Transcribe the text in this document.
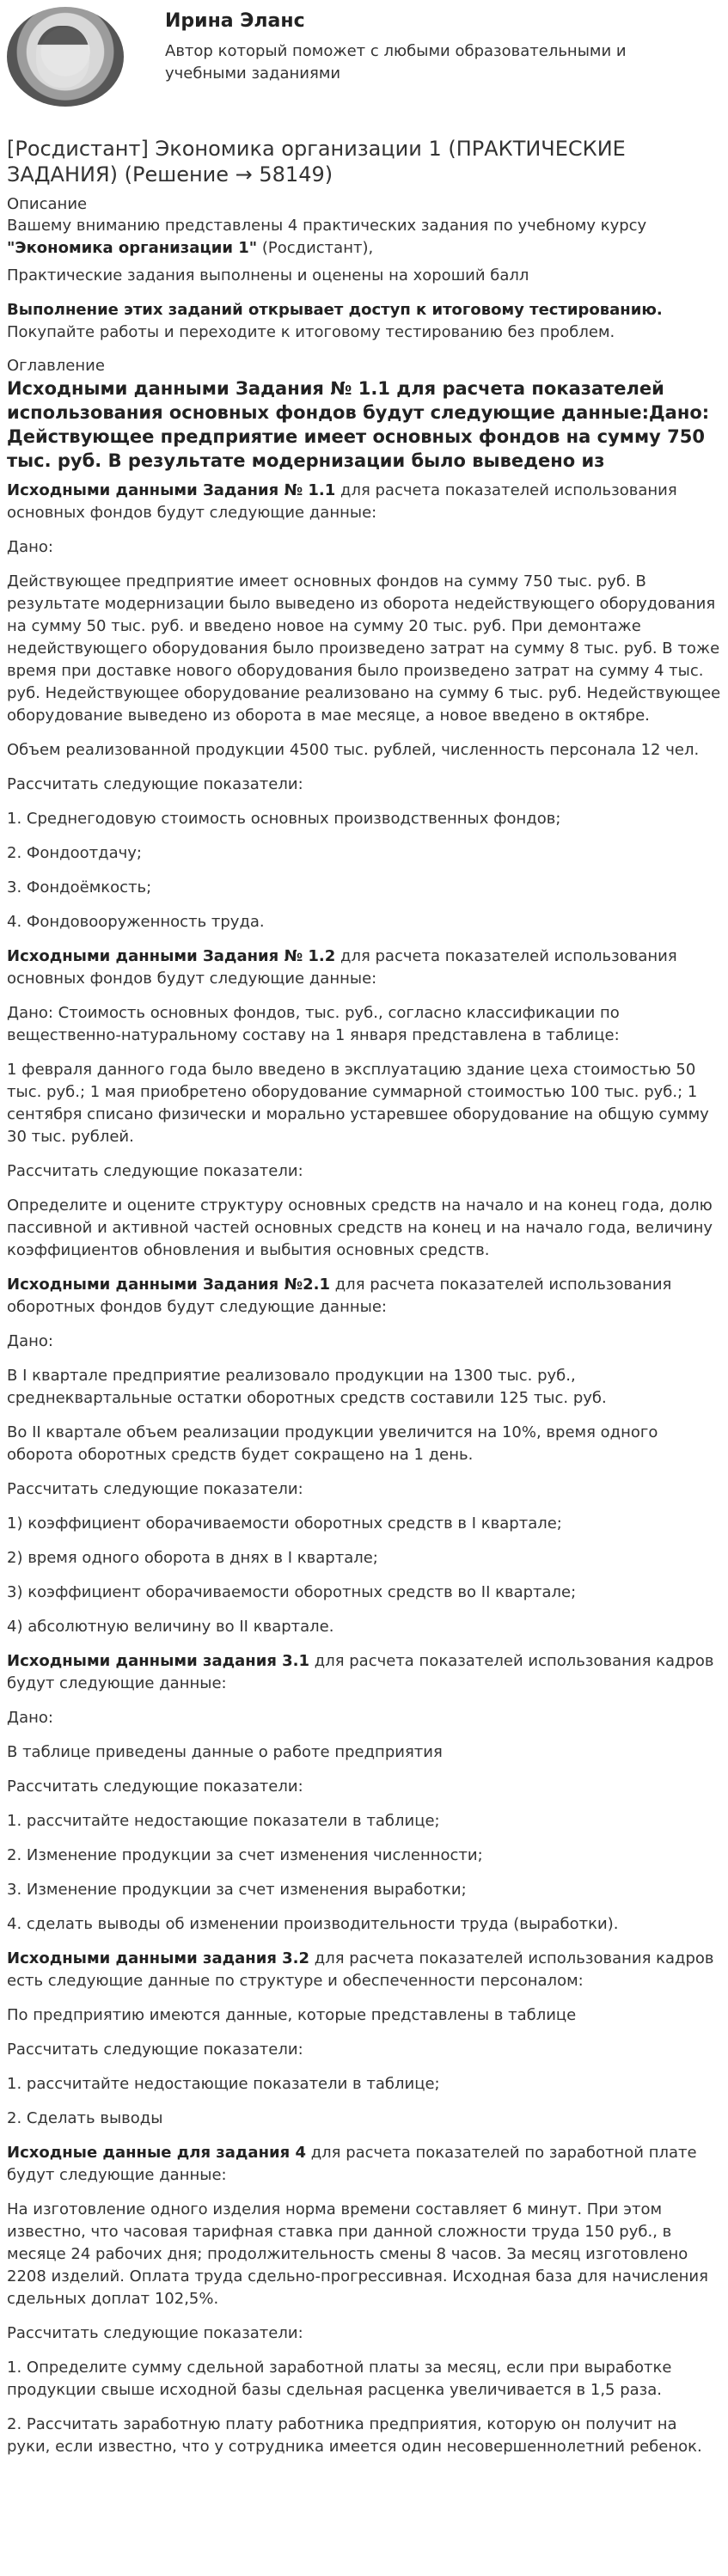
Ирина Эланс
Автор который поможет с любыми образовательными и учебными заданиями
[Росдистант] Экономика организации 1 (ПРАКТИЧЕСКИЕ ЗАДАНИЯ) (Решение → 58149)
Описание

Вашему вниманию представлены 4 практических задания по учебному курсу "Экономика организации 1" (Росдистант),

Практические задания выполнены и оценены на хороший балл

Выполнение этих заданий открывает доступ к итоговому тестированию. Покупайте работы и переходите к итоговому тестированию без проблем.

Оглавление
Исходными данными Задания № 1.1 для расчета показателей использования основных фондов будут следующие данные:Дано: Действующее предприятие имеет основных фондов на сумму 750 тыс. руб. В результате модернизации было выведено из

Исходными данными Задания № 1.1 для расчета показателей использования основных фондов будут следующие данные:

Дано:

Действующее предприятие имеет основных фондов на сумму 750 тыс. руб. В результате модернизации было выведено из оборота недействующего оборудования на сумму 50 тыс. руб. и введено новое на сумму 20 тыс. руб. При демонтаже недействующего оборудования было произведено затрат на сумму 8 тыс. руб. В тоже время при доставке нового оборудования было произведено затрат на сумму 4 тыс. руб. Недействующее оборудование реализовано на сумму 6 тыс. руб. Недействующее оборудование выведено из оборота в мае месяце, а новое введено в октябре.

Объем реализованной продукции 4500 тыс. рублей, численность персонала 12 чел.

Рассчитать следующие показатели:

1. Среднегодовую стоимость основных производственных фондов;

2. Фондоотдачу;

3. Фондоёмкость;

4. Фондовооруженность труда.

Исходными данными Задания № 1.2 для расчета показателей использования основных фондов будут следующие данные:

Дано: Стоимость основных фондов, тыс. руб., согласно классификации по вещественно-натуральному составу на 1 января представлена в таблице:

1 февраля данного года было введено в эксплуатацию здание цеха стоимостью 50 тыс. руб.; 1 мая приобретено оборудование суммарной стоимостью 100 тыс. руб.; 1 сентября списано физически и морально устаревшее оборудование на общую сумму 30 тыс. рублей.

Рассчитать следующие показатели:

Определите и оцените структуру основных средств на начало и на конец года, долю пассивной и активной частей основных средств на конец и на начало года, величину коэффициентов обновления и выбытия основных средств.

Исходными данными Задания №2.1 для расчета показателей использования оборотных фондов будут следующие данные:

Дано:

В I квартале предприятие реализовало продукции на 1300 тыс. руб., среднеквартальные остатки оборотных средств составили 125 тыс. руб.

Во II квартале объем реализации продукции увеличится на 10%, время одного оборота оборотных средств будет сокращено на 1 день.

Рассчитать следующие показатели:

1) коэффициент оборачиваемости оборотных средств в I квартале;

2) время одного оборота в днях в I квартале;

3) коэффициент оборачиваемости оборотных средств во II квартале;

4) абсолютную величину во II квартале.

Исходными данными задания 3.1 для расчета показателей использования кадров будут следующие данные:

Дано:

В таблице приведены данные о работе предприятия

Рассчитать следующие показатели:

1. рассчитайте недостающие показатели в таблице;

2. Изменение продукции за счет изменения численности;

3. Изменение продукции за счет изменения выработки;

4. сделать выводы об изменении производительности труда (выработки).

Исходными данными задания 3.2 для расчета показателей использования кадров есть следующие данные по структуре и обеспеченности персоналом:

По предприятию имеются данные, которые представлены в таблице

Рассчитать следующие показатели:

1. рассчитайте недостающие показатели в таблице;

2. Сделать выводы

Исходные данные для задания 4 для расчета показателей по заработной плате будут следующие данные:

На изготовление одного изделия норма времени составляет 6 минут. При этом известно, что часовая тарифная ставка при данной сложности труда 150 руб., в месяце 24 рабочих дня; продолжительность смены 8 часов. За месяц изготовлено 2208 изделий. Оплата труда сдельно-прогрессивная. Исходная база для начисления сдельных доплат 102,5%.

Рассчитать следующие показатели:

1. Определите сумму сдельной заработной платы за месяц, если при выработке продукции свыше исходной базы сдельная расценка увеличивается в 1,5 раза.

2. Рассчитать заработную плату работника предприятия, которую он получит на руки, если известно, что у сотрудника имеется один несовершеннолетний ребенок.
